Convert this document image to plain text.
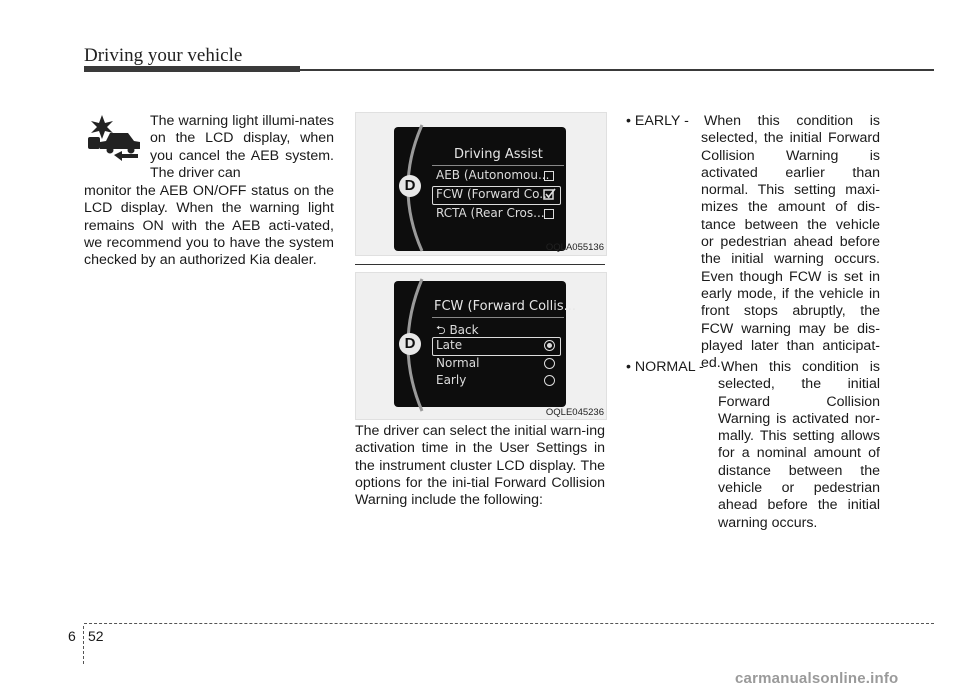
Driving your vehicle

The warning light illumi-nates on the LCD display, when you cancel the AEB system. The driver can

monitor the AEB ON/OFF status on the LCD display. When the warning light remains ON with the AEB acti-vated, we recommend you to have the system checked by an authorized Kia dealer.

D
Driving Assist
AEB (Autonomou...
FCW (Forward Co...
RCTA (Rear Cros...
OQLA055136
D
FCW (Forward Collis...
⮌ Back
Late
Normal
Early
OQLE045236

The driver can select the initial warn-ing activation time in the User Settings in the instrument cluster LCD display. The options for the ini-tial Forward Collision Warning include the following:

• EARLY - When this condition is selected, the initial Forward Collision Warning is activated earlier than normal. This setting maxi-mizes the amount of dis-tance between the vehicle or pedestrian ahead before the initial warning occurs. Even though FCW is set in early mode, if the vehicle in front stops abruptly, the FCW warning may be dis-played later than anticipat-ed.

• NORMAL - When this condition is selected, the initial Forward Collision Warning is activated nor-mally. This setting allows for a nominal amount of distance between the vehicle or pedestrian ahead before the initial warning occurs.

6 52
carmanualsonline.info
